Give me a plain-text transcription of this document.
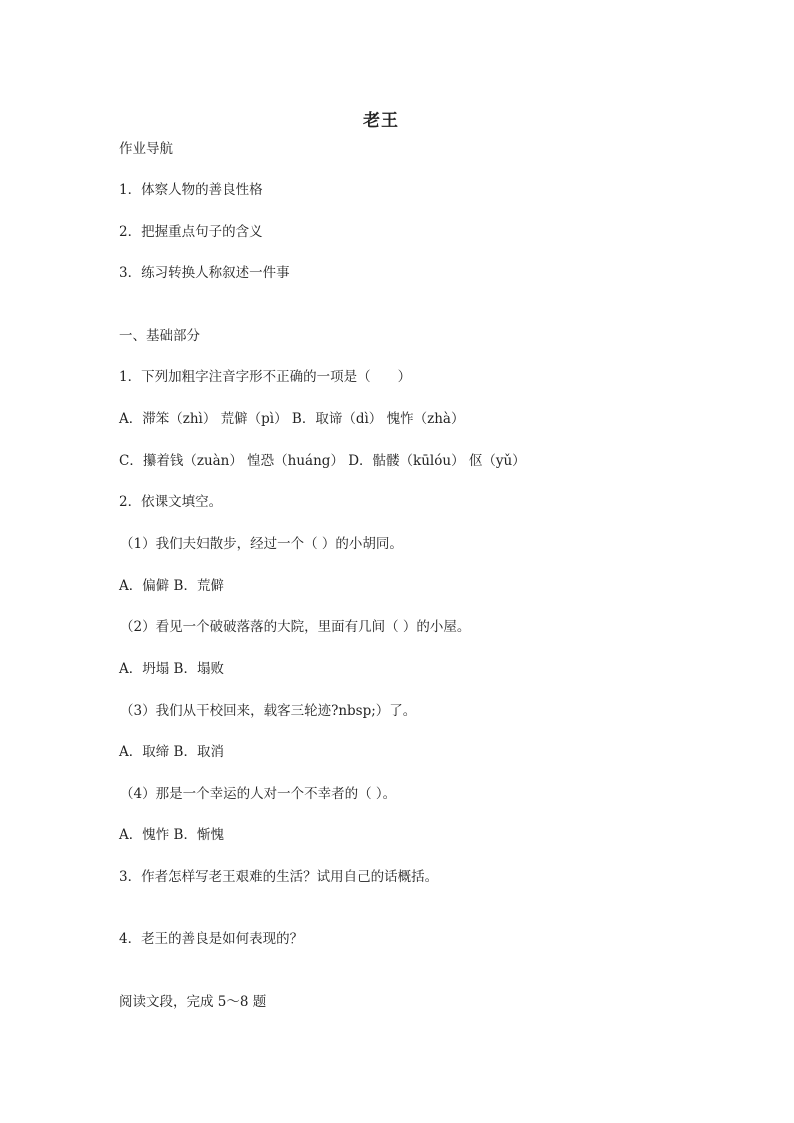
老王
作业导航
1．体察人物的善良性格
2．把握重点句子的含义
3．练习转换人称叙述一件事
一、基础部分
1．下列加粗字注音字形不正确的一项是（　　）
A．滞笨（zhì） 荒僻（pì） B．取谛（dì） 愧怍（zhà）
C．攥着钱（zuàn） 惶恐（huáng） D．骷髅（kūlóu） 伛（yǔ）
2．依课文填空。
（1）我们夫妇散步，经过一个（ ）的小胡同。
A．偏僻 B．荒僻
（2）看见一个破破落落的大院，里面有几间（ ）的小屋。
A．坍塌 B．塌败
（3）我们从干校回来，载客三轮迹?nbsp;）了。
A．取缔 B．取消
（4）那是一个幸运的人对一个不幸者的（ ）。
A．愧怍 B．惭愧
3．作者怎样写老王艰难的生活？试用自己的话概括。
4．老王的善良是如何表现的？
阅读文段，完成 5～8 题
